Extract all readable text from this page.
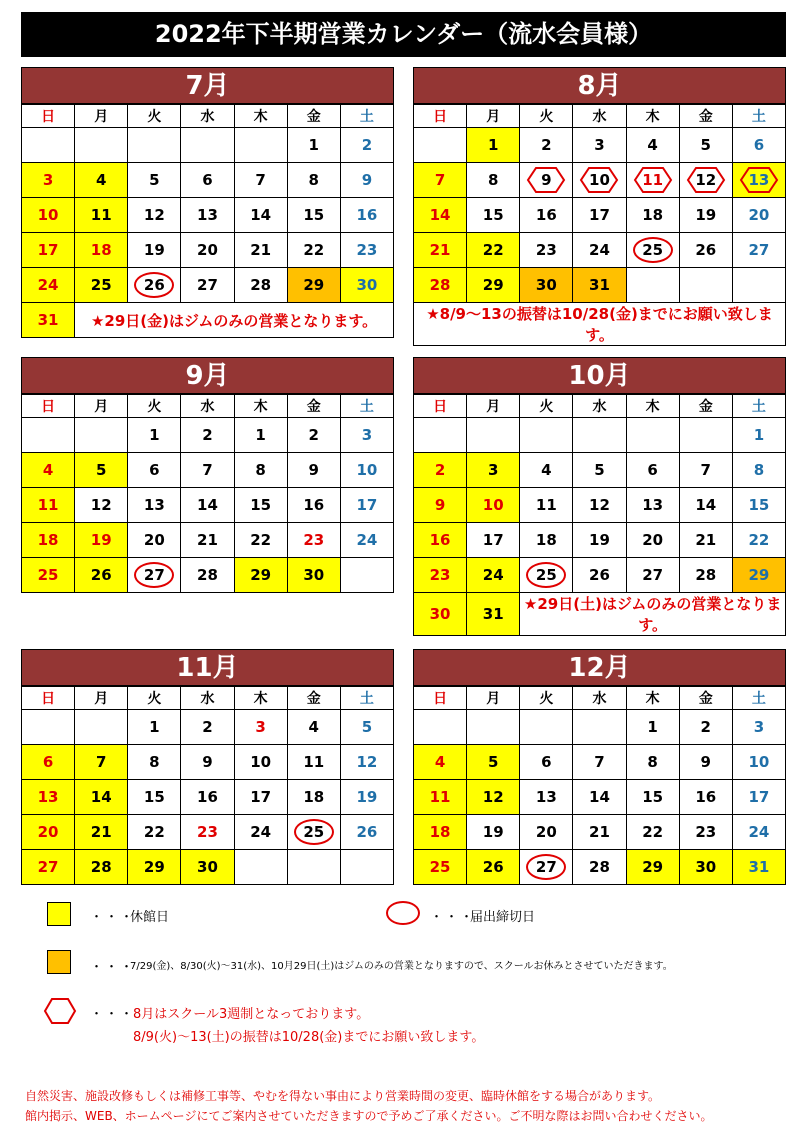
2022年下半期営業カレンダー（流水会員様）
7月
日	月	火	水	木	金	土
					1	2
3	4	5	6	7	8	9
10	11	12	13	14	15	16
17	18	19	20	21	22	23
24	25	26	27	28	29	30
31	★29日(金)はジムのみの営業となります。					
8月
日	月	火	水	木	金	土
	1	2	3	4	5	6
7	8	9	10	11	12	13

14	15	16	17	18	19	20
21	22	23	24	25	26	27
28	29	30	31			
★8/9～13の振替は10/28(金)までにお願い致します。						
9月
日	月	火	水	木	金	土
		1	2	1	2	3
4	5	6	7	8	9	10
11	12	13	14	15	16	17
18	19	20	21	22	23	24
25	26	27	28	29	30	
10月
日	月	火	水	木	金	土
						1
2	3	4	5	6	7	8
9	10	11	12	13	14	15
16	17	18	19	20	21	22
23	24	25	26	27	28	29
30	31	★29日(土)はジムのみの営業となります。				
11月
日	月	火	水	木	金	土
		1	2	3	4	5
6	7	8	9	10	11	12
13	14	15	16	17	18	19
20	21	22	23	24	25	26
27	28	29	30			
12月
日	月	火	水	木	金	土
				1	2	3
4	5	6	7	8	9	10
11	12	13	14	15	16	17
18	19	20	21	22	23	24
25	26	27	28	29	30	31
・・・
休館日	・・・
届出締切日
・・・
7/29(金)、8/30(火)～31(水)、10月29日(土)はジムのみの営業となりますので、スクールお休みとさせていただきます。
・・・
8月はスクール3週制となっております。
8/9(火)～13(土)の振替は10/28(金)までにお願い致します。
自然災害、施設改修もしくは補修工事等、やむを得ない事由により営業時間の変更、臨時休館をする場合があります。
館内掲示、WEB、ホームページにてご案内させていただきますので予めご了承ください。ご不明な際はお問い合わせください。
